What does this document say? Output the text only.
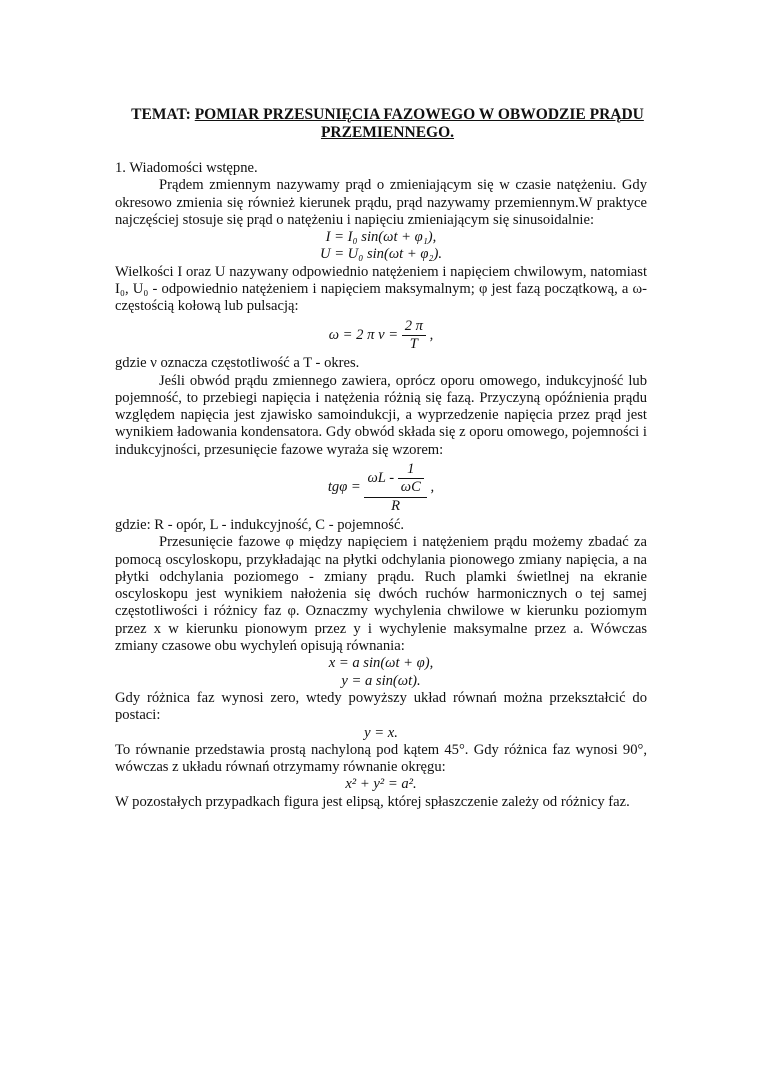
TEMAT: POMIAR PRZESUNIĘCIA FAZOWEGO W OBWODZIE PRĄDU PRZEMIENNEGO.

1. Wiadomości wstępne.

Prądem zmiennym nazywamy prąd o zmieniającym się w czasie natężeniu. Gdy okresowo zmienia się również kierunek prądu, prąd nazywamy przemiennym.W praktyce najczęściej stosuje się prąd o natężeniu i napięciu zmieniającym się sinusoidalnie:

I = I₀ sin(ωt + φ₁),

U = U₀ sin(ωt + φ₂).

Wielkości I oraz U nazywany odpowiednio natężeniem i napięciem chwilowym, natomiast I₀, U₀ - odpowiednio natężeniem i napięciem maksymalnym; φ jest fazą początkową, a ω- częstością kołową lub pulsacją:

ω = 2 π $\nu = \frac{2 \pi}{T}$ ,

gdzie ν oznacza częstotliwość a T - okres.

Jeśli obwód prądu zmiennego zawiera, oprócz oporu omowego, indukcyjność lub pojemność, to przebiegi napięcia i natężenia różnią się fazą. Przyczyną opóźnienia prądu względem napięcia jest zjawisko samoindukcji, a wyprzedzenie napięcia przez prąd jest wynikiem ładowania kondensatora. Gdy obwód składa się z oporu omowego, pojemności i indukcyjności, przesunięcie fazowe wyraża się wzorem:

$tg\varphi = \frac{\omega L - \frac{1}{\omega C}}{R}$ ,

gdzie: R - opór, L - indukcyjność, C - pojemność.

Przesunięcie fazowe φ między napięciem i natężeniem prądu możemy zbadać za pomocą oscyloskopu, przykładając na płytki odchylania pionowego zmiany napięcia, a na płytki odchylania poziomego - zmiany prądu. Ruch plamki świetlnej na ekranie oscyloskopu jest wynikiem nałożenia się dwóch ruchów harmonicznych o tej samej częstotliwości i różnicy faz φ. Oznaczmy wychylenia chwilowe w kierunku poziomym przez x w kierunku pionowym przez y i wychylenie maksymalne przez a. Wówczas zmiany czasowe obu wychyleń opisują równania:

x = a sin(ωt + φ),

y = a sin(ωt).

Gdy różnica faz wynosi zero, wtedy powyższy układ równań można przekształcić do postaci:

y = x.

To równanie przedstawia prostą nachyloną pod kątem 45°. Gdy różnica faz wynosi 90°, wówczas z układu równań otrzymamy równanie okręgu:

x² + y² = a².

W pozostałych przypadkach figura jest elipsą, której spłaszczenie zależy od różnicy faz.
